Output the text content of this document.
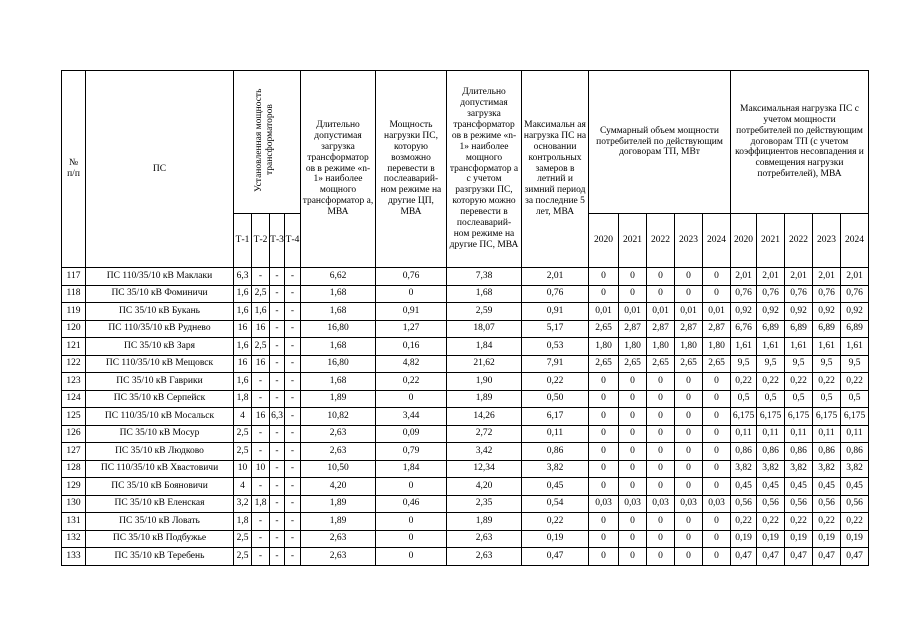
№ п/п	ПС	Установленная мощность трансформаторов				Длительно допустимая загрузка трансформатор ов в режиме «n-1» наиболее мощного трансформатор а, МВА	Мощность нагрузки ПС, которую возможно перевести в послеаварий- ном режиме на другие ЦП, МВА	Длительно допустимая загрузка трансформатор ов в режиме «n-1» наиболее мощного трансформатор а с учетом разгрузки ПС, которую можно перевести в послеаварий- ном режиме на другие ПС, МВА	Максимальн ая нагрузка ПС на основании контрольных замеров в летний и зимний период за последние 5 лет, МВА	Суммарный объем мощности потребителей по действующим договорам ТП, МВт					Максимальная нагрузка ПС с учетом мощности потребителей по действующим договорам ТП (с учетом коэффициентов несовпадения и совмещения нагрузки потребителей), МВА				

		Т-1	Т-2	Т-3	Т-4					2020	2021	2022	2023	2024	2020	2021	2022	2023	2024
117	ПС 110/35/10 кВ Маклаки	6,3	-	-	-	6,62	0,76	7,38	2,01	0	0	0	0	0	2,01	2,01	2,01	2,01	2,01
118	ПС 35/10 кВ Фоминичи	1,6	2,5	-	-	1,68	0	1,68	0,76	0	0	0	0	0	0,76	0,76	0,76	0,76	0,76
119	ПС 35/10 кВ Букань	1,6	1,6	-	-	1,68	0,91	2,59	0,91	0,01	0,01	0,01	0,01	0,01	0,92	0,92	0,92	0,92	0,92
120	ПС 110/35/10 кВ Руднево	16	16	-	-	16,80	1,27	18,07	5,17	2,65	2,87	2,87	2,87	2,87	6,76	6,89	6,89	6,89	6,89
121	ПС 35/10 кВ Заря	1,6	2,5	-	-	1,68	0,16	1,84	0,53	1,80	1,80	1,80	1,80	1,80	1,61	1,61	1,61	1,61	1,61
122	ПС 110/35/10 кВ Мещовск	16	16	-	-	16,80	4,82	21,62	7,91	2,65	2,65	2,65	2,65	2,65	9,5	9,5	9,5	9,5	9,5
123	ПС 35/10 кВ Гаврики	1,6	-	-	-	1,68	0,22	1,90	0,22	0	0	0	0	0	0,22	0,22	0,22	0,22	0,22
124	ПС 35/10 кВ Серпейск	1,8	-	-	-	1,89	0	1,89	0,50	0	0	0	0	0	0,5	0,5	0,5	0,5	0,5
125	ПС 110/35/10 кВ Мосальск	4	16	6,3	-	10,82	3,44	14,26	6,17	0	0	0	0	0	6,175	6,175	6,175	6,175	6,175
126	ПС 35/10 кВ Мосур	2,5	-	-	-	2,63	0,09	2,72	0,11	0	0	0	0	0	0,11	0,11	0,11	0,11	0,11
127	ПС 35/10 кВ Людково	2,5	-	-	-	2,63	0,79	3,42	0,86	0	0	0	0	0	0,86	0,86	0,86	0,86	0,86
128	ПС 110/35/10 кВ Хвастовичи	10	10	-	-	10,50	1,84	12,34	3,82	0	0	0	0	0	3,82	3,82	3,82	3,82	3,82
129	ПС 35/10 кВ Бояновичи	4	-	-	-	4,20	0	4,20	0,45	0	0	0	0	0	0,45	0,45	0,45	0,45	0,45
130	ПС 35/10 кВ Еленская	3,2	1,8	-	-	1,89	0,46	2,35	0,54	0,03	0,03	0,03	0,03	0,03	0,56	0,56	0,56	0,56	0,56
131	ПС 35/10 кВ Ловать	1,8	-	-	-	1,89	0	1,89	0,22	0	0	0	0	0	0,22	0,22	0,22	0,22	0,22
132	ПС 35/10 кВ Подбужье	2,5	-	-	-	2,63	0	2,63	0,19	0	0	0	0	0	0,19	0,19	0,19	0,19	0,19
133	ПС 35/10 кВ Теребень	2,5	-	-	-	2,63	0	2,63	0,47	0	0	0	0	0	0,47	0,47	0,47	0,47	0,47
